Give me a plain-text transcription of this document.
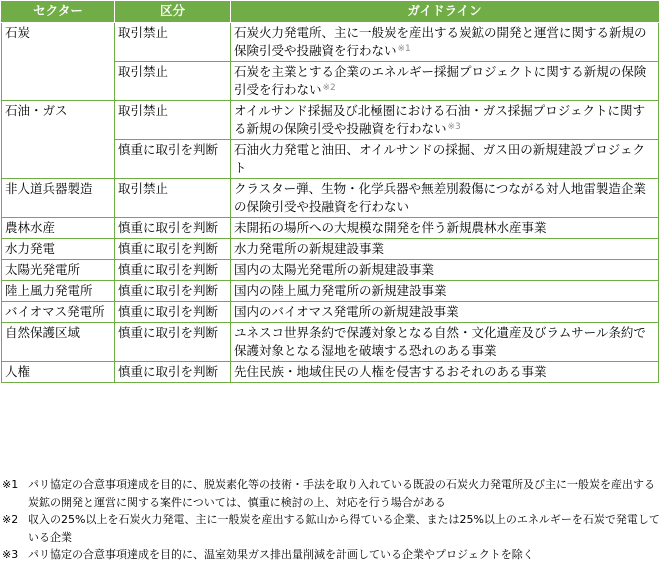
セクター	区分	ガイドライン
石炭	取引禁止	石炭火力発電所、主に一般炭を産出する炭鉱の開発と運営に関する新規の保険引受や投融資を行わない$^{※1}$
	取引禁止	石炭を主業とする企業のエネルギー採掘プロジェクトに関する新規の保険引受を行わない$^{※2}$
石油・ガス	取引禁止	オイルサンド採掘及び北極圏における石油・ガス採掘プロジェクトに関する新規の保険引受や投融資を行わない$^{※3}$
	慎重に取引を判断	石油火力発電と油田、オイルサンドの採掘、ガス田の新規建設プロジェクト
非人道兵器製造	取引禁止	クラスター弾、生物・化学兵器や無差別殺傷につながる対人地雷製造企業の保険引受や投融資を行わない
農林水産	慎重に取引を判断	未開拓の場所への大規模な開発を伴う新規農林水産事業
水力発電	慎重に取引を判断	水力発電所の新規建設事業
太陽光発電所	慎重に取引を判断	国内の太陽光発電所の新規建設事業
陸上風力発電所	慎重に取引を判断	国内の陸上風力発電所の新規建設事業
バイオマス発電所	慎重に取引を判断	国内のバイオマス発電所の新規建設事業
自然保護区域	慎重に取引を判断	ユネスコ世界条約で保護対象となる自然・文化遺産及びラムサール条約で保護対象となる湿地を破壊する恐れのある事業
人権	慎重に取引を判断	先住民族・地域住民の人権を侵害するおそれのある事業
※1 パリ協定の合意事項達成を目的に、脱炭素化等の技術・手法を取り入れている既設の石炭火力発電所及び主に一般炭を産出する炭鉱の開発と運営に関する案件については、慎重に検討の上、対応を行う場合がある
※2 収入の25%以上を石炭火力発電、主に一般炭を産出する鉱山から得ている企業、または25%以上のエネルギーを石炭で発電している企業
※3 パリ協定の合意事項達成を目的に、温室効果ガス排出量削減を計画している企業やプロジェクトを除く
